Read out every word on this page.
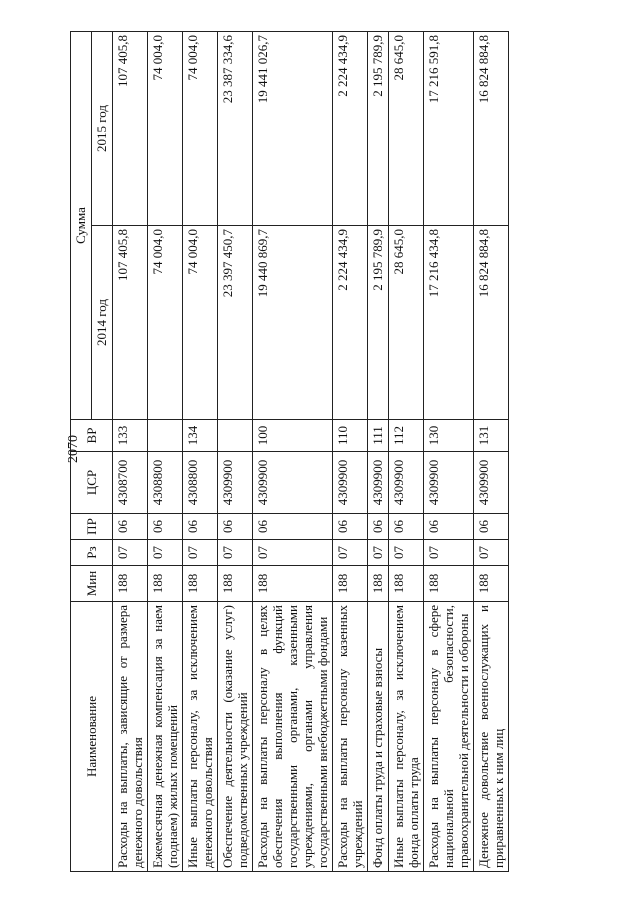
2070
Наименование	Мин	Рз	ПР	ЦСР	ВР	Сумма	
						2014 год	2015 год
Расходы на выплаты, зависящие от размера денежного довольствия	188	07	06	4308700	133	107 405,8	107 405,8
Ежемесячная денежная компенсация за наем (поднаем) жилых помещений	188	07	06	4308800		74 004,0	74 004,0
Иные выплаты персоналу, за исключением денежного довольствия	188	07	06	4308800	134	74 004,0	74 004,0
Обеспечение деятельности (оказание услуг) подведомственных учреждений	188	07	06	4309900		23 397 450,7	23 387 334,6
Расходы на выплаты персоналу в целях обеспечения выполнения функций государственными органами, казенными учреждениями, органами управления государственными внебюджетными фондами	188	07	06	4309900	100	19 440 869,7	19 441 026,7
Расходы на выплаты персоналу казенных учреждений	188	07	06	4309900	110	2 224 434,9	2 224 434,9
Фонд оплаты труда и страховые взносы	188	07	06	4309900	111	2 195 789,9	2 195 789,9
Иные выплаты персоналу, за исключением фонда оплаты труда	188	07	06	4309900	112	28 645,0	28 645,0
Расходы на выплаты персоналу в сфере национальной безопасности, правоохранительной деятельности и обороны	188	07	06	4309900	130	17 216 434,8	17 216 591,8
Денежное довольствие военнослужащих и приравненных к ним лиц	188	07	06	4309900	131	16 824 884,8	16 824 884,8
